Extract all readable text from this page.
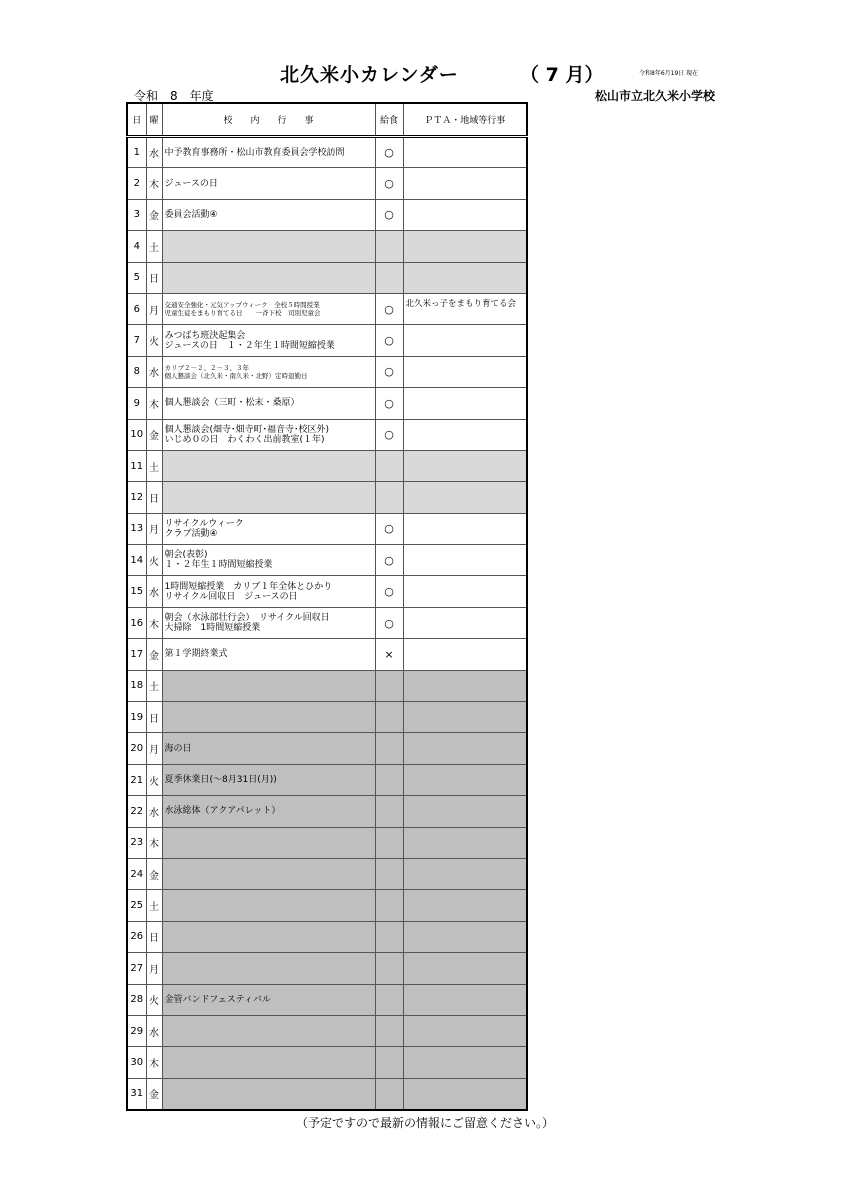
北久米小カレンダー	（ 7 月）	令和8年6月19日 現在
令和　8　年度	松山市立北久米小学校
日	曜	校　　内　　行　　事	給食	ＰＴＡ・地域等行事
1	水	中予教育事務所・松山市教育委員会学校訪問	○	
2	木	ジュースの日	○	
3	金	委員会活動④	○	
4	土			
5	日			
6	月	交通安全強化・元気アップウィーク　全校５時間授業
児童生徒をまもり育てる日　　一斉下校　司別児童会	○	北久米っ子をまもり育てる会
7	火	みつばち班決起集会
ジュースの日　１・２年生１時間短縮授業	○	
8	水	カリブ２－２、２－３、３年
個人懇談会（北久米・南久米・北野）定時退勤日	○	
9	木	個人懇談会（三町・松末・桑原）	○	
10	金	個人懇談会(畑寺･畑寺町･福音寺･校区外)
いじめ０の日　わくわく出前教室(１年)	○	
11	土			
12	日			
13	月	リサイクルウィーク
クラブ活動④	○	
14	火	朝会(表彰)
１・２年生１時間短縮授業	○	
15	水	1時間短縮授業　カリブ１年全体とひかり
リサイクル回収日　ジュースの日	○	
16	木	朝会（水泳部壮行会）　リサイクル回収日
大掃除　1時間短縮授業	○	
17	金	第１学期終業式	×	
18	土			
19	日			
20	月	海の日		
21	火	夏季休業日(～8月31日(月))		
22	水	水泳総体（アクアパレット）		
23	木			
24	金			
25	土			
26	日			
27	月			
28	火	金管バンドフェスティバル		
29	水			
30	木			
31	金			
（予定ですので最新の情報にご留意ください。）
